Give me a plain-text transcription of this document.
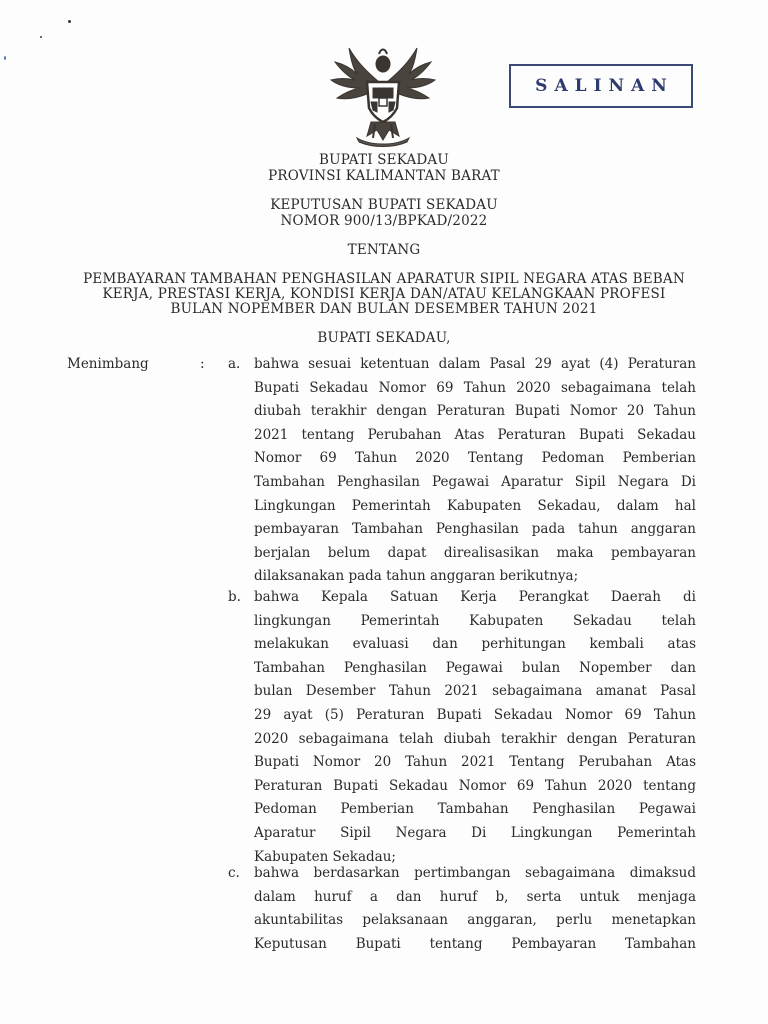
SALINAN
BUPATI SEKADAU
PROVINSI KALIMANTAN BARAT
KEPUTUSAN BUPATI SEKADAU
NOMOR 900/13/BPKAD/2022
TENTANG
PEMBAYARAN TAMBAHAN PENGHASILAN APARATUR SIPIL NEGARA ATAS BEBAN
KERJA, PRESTASI KERJA, KONDISI KERJA DAN/ATAU KELANGKAAN PROFESI
BULAN NOPEMBER DAN BULAN DESEMBER TAHUN 2021
BUPATI SEKADAU,
Menimbang	: a. bahwa sesuai ketentuan dalam Pasal 29 ayat (4) Peraturan
Bupati Sekadau Nomor 69 Tahun 2020 sebagaimana telah
diubah terakhir dengan Peraturan Bupati Nomor 20 Tahun
2021 tentang Perubahan Atas Peraturan Bupati Sekadau
Nomor 69 Tahun 2020 Tentang Pedoman Pemberian
Tambahan Penghasilan Pegawai Aparatur Sipil Negara Di
Lingkungan Pemerintah Kabupaten Sekadau, dalam hal
pembayaran Tambahan Penghasilan pada tahun anggaran
berjalan belum dapat direalisasikan maka pembayaran
dilaksanakan pada tahun anggaran berikutnya;
b. bahwa Kepala Satuan Kerja Perangkat Daerah di
lingkungan Pemerintah Kabupaten Sekadau telah
melakukan evaluasi dan perhitungan kembali atas
Tambahan Penghasilan Pegawai bulan Nopember dan
bulan Desember Tahun 2021 sebagaimana amanat Pasal
29 ayat (5) Peraturan Bupati Sekadau Nomor 69 Tahun
2020 sebagaimana telah diubah terakhir dengan Peraturan
Bupati Nomor 20 Tahun 2021 Tentang Perubahan Atas
Peraturan Bupati Sekadau Nomor 69 Tahun 2020 tentang
Pedoman Pemberian Tambahan Penghasilan Pegawai
Aparatur Sipil Negara Di Lingkungan Pemerintah
Kabupaten Sekadau;
c. bahwa berdasarkan pertimbangan sebagaimana dimaksud
dalam huruf a dan huruf b, serta untuk menjaga
akuntabilitas pelaksanaan anggaran, perlu menetapkan
Keputusan Bupati tentang Pembayaran Tambahan
